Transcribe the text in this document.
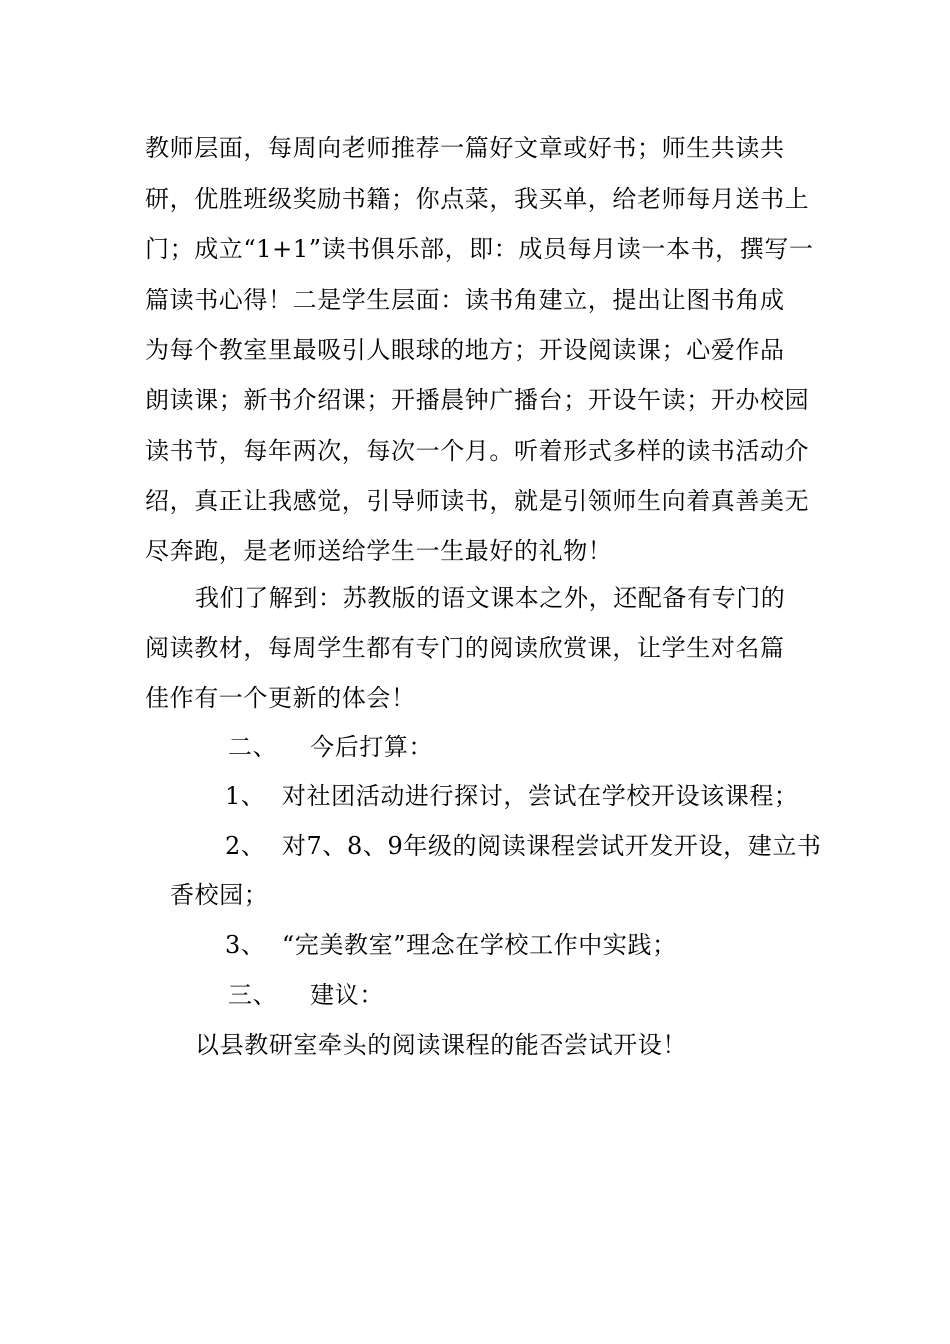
教师层面，每周向老师推荐一篇好文章或好书；师生共读共
研，优胜班级奖励书籍；你点菜，我买单，给老师每月送书上
门；成立“1+1”读书俱乐部，即：成员每月读一本书，撰写一
篇读书心得！二是学生层面：读书角建立，提出让图书角成
为每个教室里最吸引人眼球的地方；开设阅读课；心爱作品
朗读课；新书介绍课；开播晨钟广播台；开设午读；开办校园
读书节，每年两次，每次一个月。听着形式多样的读书活动介
绍，真正让我感觉，引导师读书，就是引领师生向着真善美无
尽奔跑，是老师送给学生一生最好的礼物！
我们了解到：苏教版的语文课本之外，还配备有专门的
阅读教材，每周学生都有专门的阅读欣赏课，让学生对名篇
佳作有一个更新的体会！
二、    今后打算：
1、  对社团活动进行探讨，尝试在学校开设该课程；
2、  对7、8、9年级的阅读课程尝试开发开设，建立书
香校园；
3、  “完美教室”理念在学校工作中实践；
三、    建议：
以县教研室牵头的阅读课程的能否尝试开设！
